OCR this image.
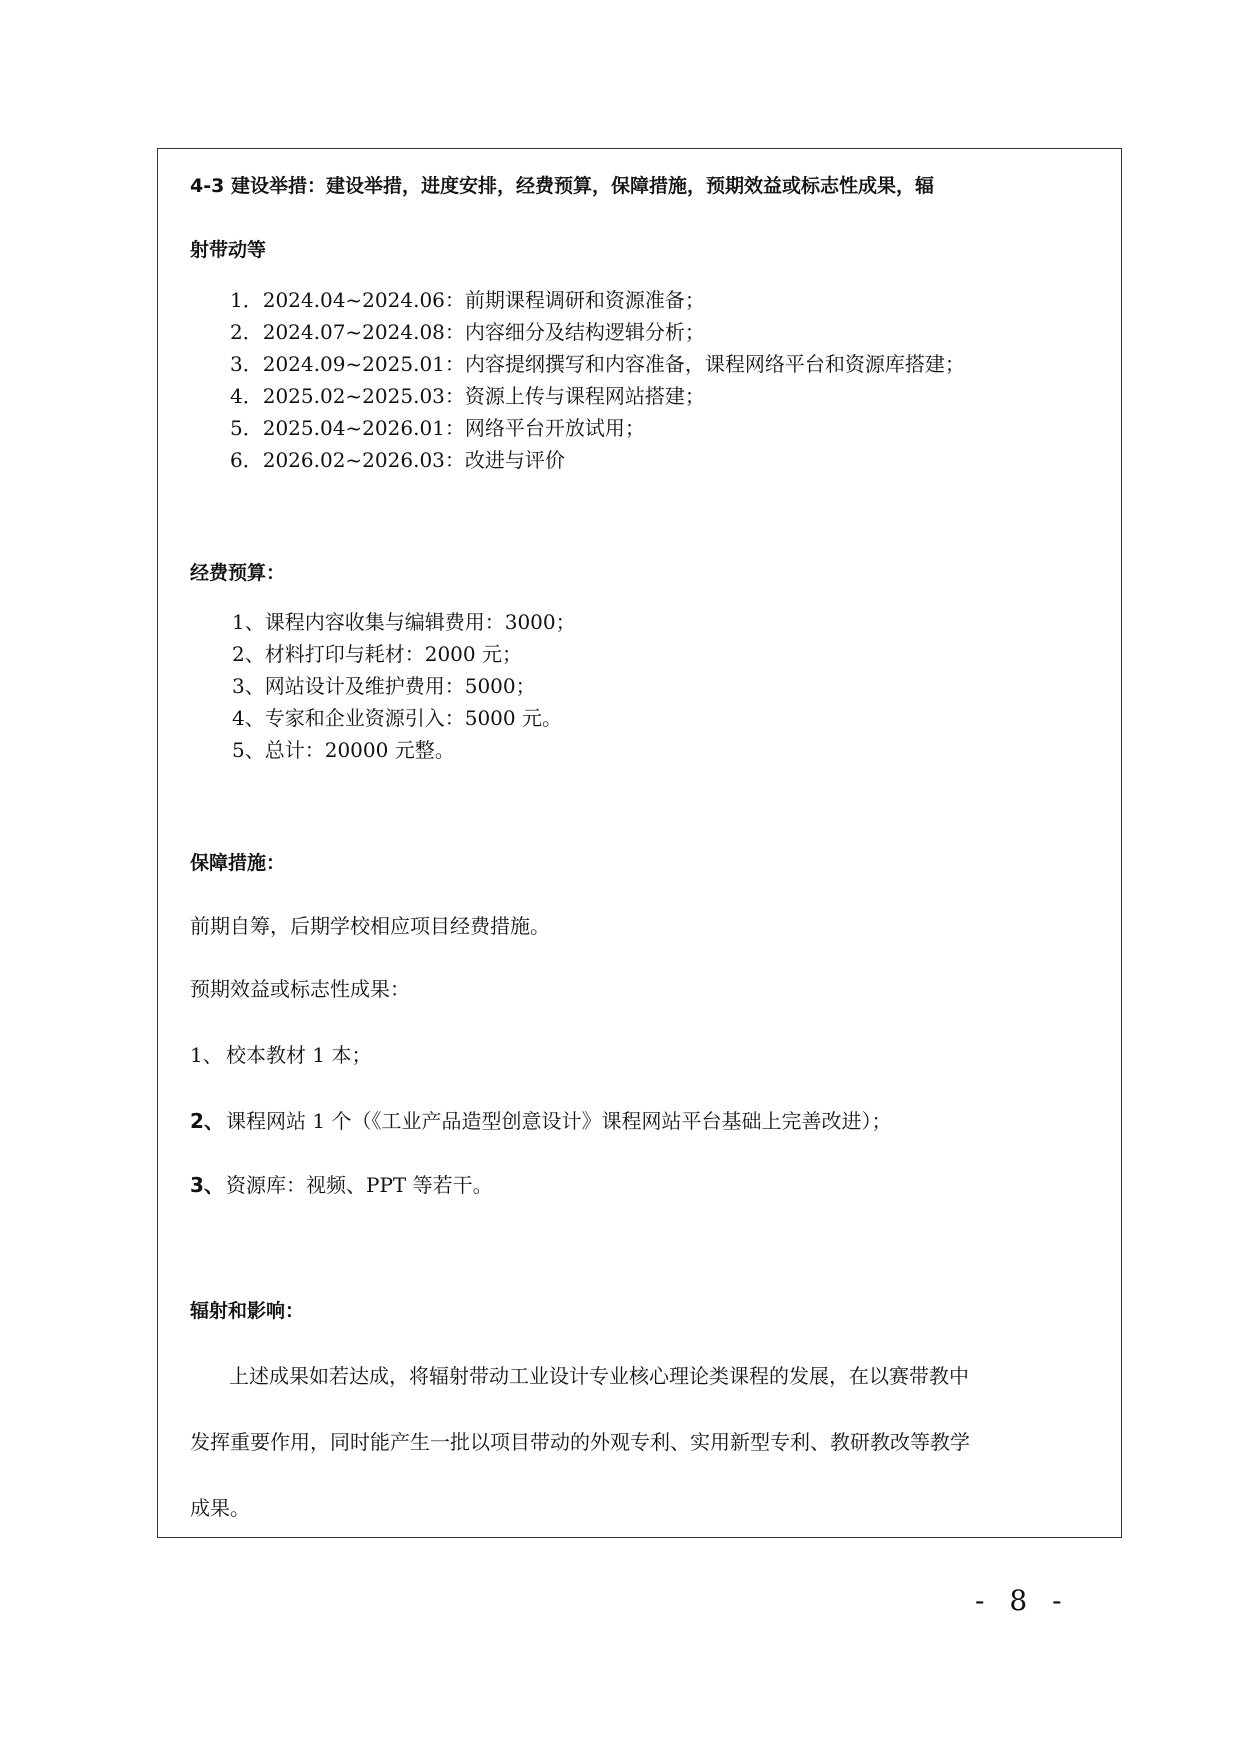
4-3 建设举措：建设举措，进度安排，经费预算，保障措施，预期效益或标志性成果，辐
射带动等
1．2024.04~2024.06：前期课程调研和资源准备；
2．2024.07~2024.08：内容细分及结构逻辑分析；
3．2024.09~2025.01：内容提纲撰写和内容准备，课程网络平台和资源库搭建；
4．2025.02~2025.03：资源上传与课程网站搭建；
5．2025.04~2026.01：网络平台开放试用；
6．2026.02~2026.03：改进与评价
经费预算：
1、课程内容收集与编辑费用：3000；
2、材料打印与耗材：2000 元；
3、网站设计及维护费用：5000；
4、专家和企业资源引入：5000 元。
5、总计：20000 元整。
保障措施：
前期自筹，后期学校相应项目经费措施。
预期效益或标志性成果：
1、 校本教材 1 本；
2、 课程网站 1 个（《工业产品造型创意设计》课程网站平台基础上完善改进）；
3、 资源库：视频、PPT 等若干。
辐射和影响：
上述成果如若达成，将辐射带动工业设计专业核心理论类课程的发展，在以赛带教中
发挥重要作用，同时能产生一批以项目带动的外观专利、实用新型专利、教研教改等教学
成果。
- 8 -
